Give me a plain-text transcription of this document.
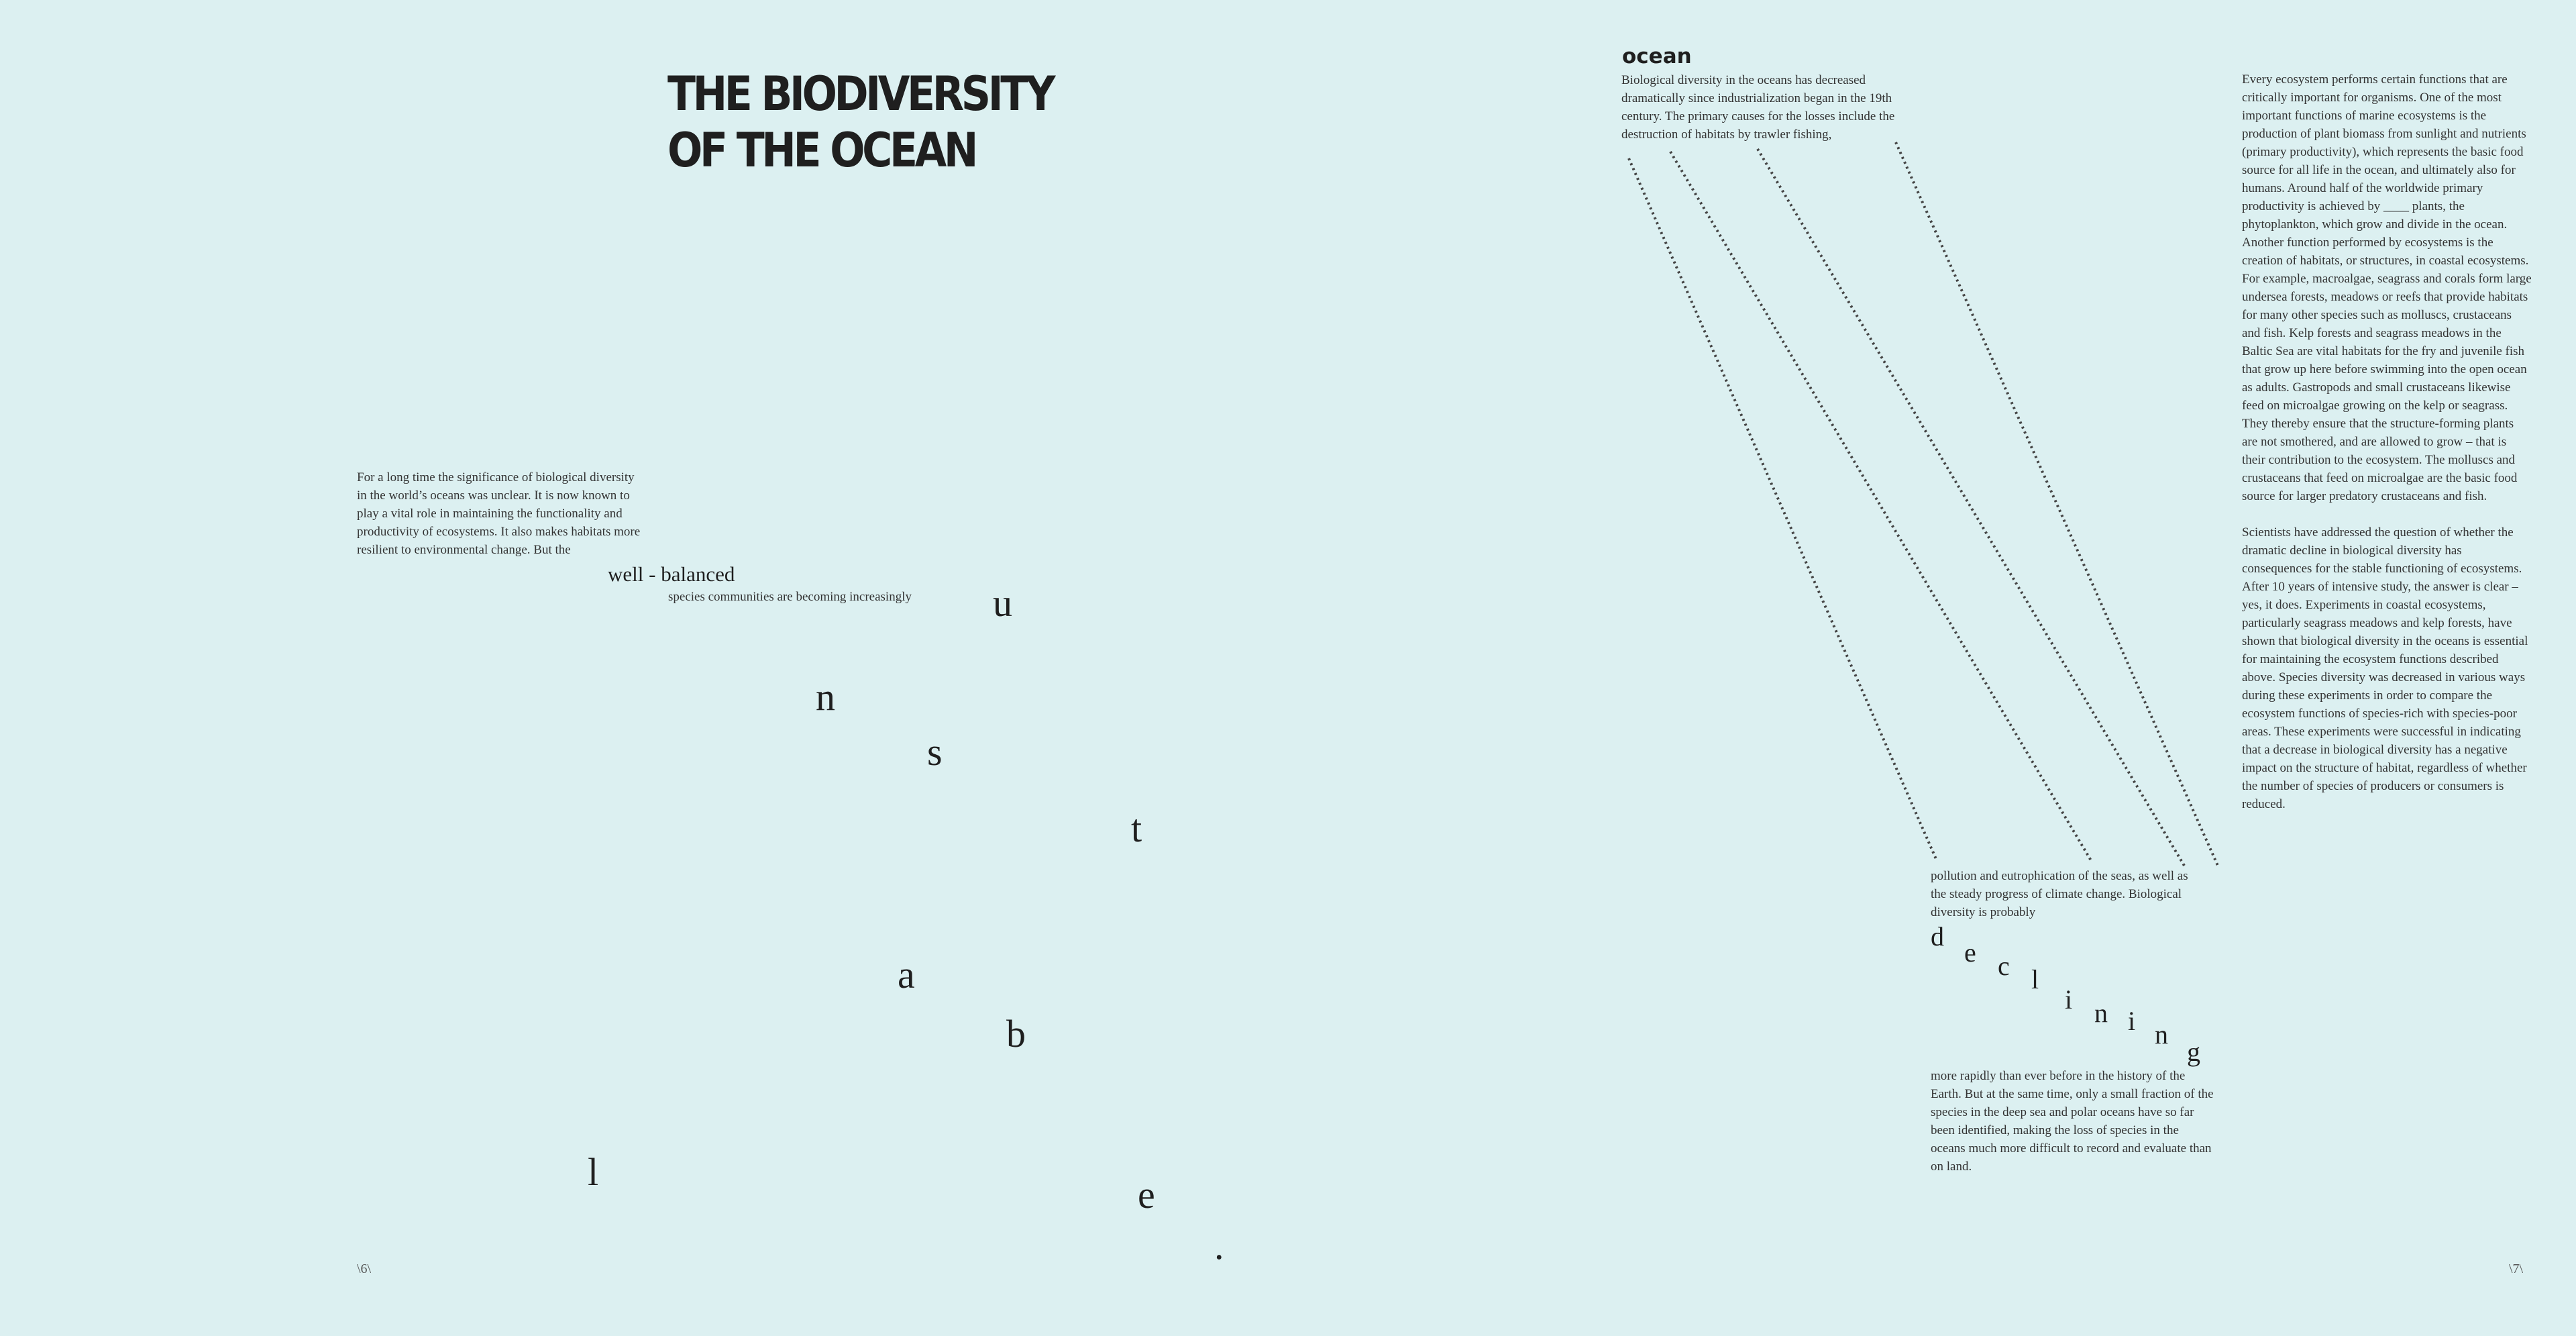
THE BIODIVERSITY
OF THE OCEAN
For a long time the significance of biological diversity in the world’s oceans was unclear. It is now known to play a vital role in maintaining the functionality and productivity of ecosystems. It also makes habitats more resilient to environmental change. But the
well - balanced
species communities are becoming increasingly u
n
s
t
a
b
l
e
.
\6\
ocean
Biological diversity in the oceans has decreased dramatically since industrialization began in the 19th century. The primary causes for the losses include the destruction of habitats by trawler fishing,
pollution and eutrophication of the seas, as well as the steady progress of climate change. Biological diversity is probably
d
e c l
i n i n
g
more rapidly than ever before in the history of the Earth. But at the same time, only a small fraction of the species in the deep sea and polar oceans have so far been identified, making the loss of species in the oceans much more difficult to record and evaluate than on land.

Every ecosystem performs certain functions that are critically important for organisms. One of the most important functions of marine ecosystems is the production of plant biomass from sunlight and nutrients (primary productivity), which represents the basic food source for all life in the ocean, and ultimately also for humans. Around half of the worldwide primary productivity is achieved by ____ plants, the phytoplankton, which grow and divide in the ocean. Another function performed by ecosystems is the creation of habitats, or structures, in coastal ecosystems. For example, macroalgae, seagrass and corals form large undersea forests, meadows or reefs that provide habitats for many other species such as molluscs, crustaceans and fish. Kelp forests and seagrass meadows in the Baltic Sea are vital habitats for the fry and juvenile fish that grow up here before swimming into the open ocean as adults. Gastropods and small crustaceans likewise feed on microalgae growing on the kelp or seagrass. They thereby ensure that the structure-forming plants are not smothered, and are allowed to grow – that is their contribution to the ecosystem. The molluscs and crustaceans that feed on microalgae are the basic food source for larger predatory crustaceans and fish.

Scientists have addressed the question of whether the dramatic decline in biological diversity has consequences for the stable functioning of ecosystems. After 10 years of intensive study, the answer is clear – yes, it does. Experiments in coastal ecosystems, particularly seagrass meadows and kelp forests, have shown that biological diversity in the oceans is essential for maintaining the ecosystem functions described above. Species diversity was decreased in various ways during these experiments in order to compare the ecosystem functions of species-rich with species-poor areas. These experiments were successful in indicating that a decrease in biological diversity has a negative impact on the structure of habitat, regardless of whether the number of species of producers or consumers is reduced.

\7\
